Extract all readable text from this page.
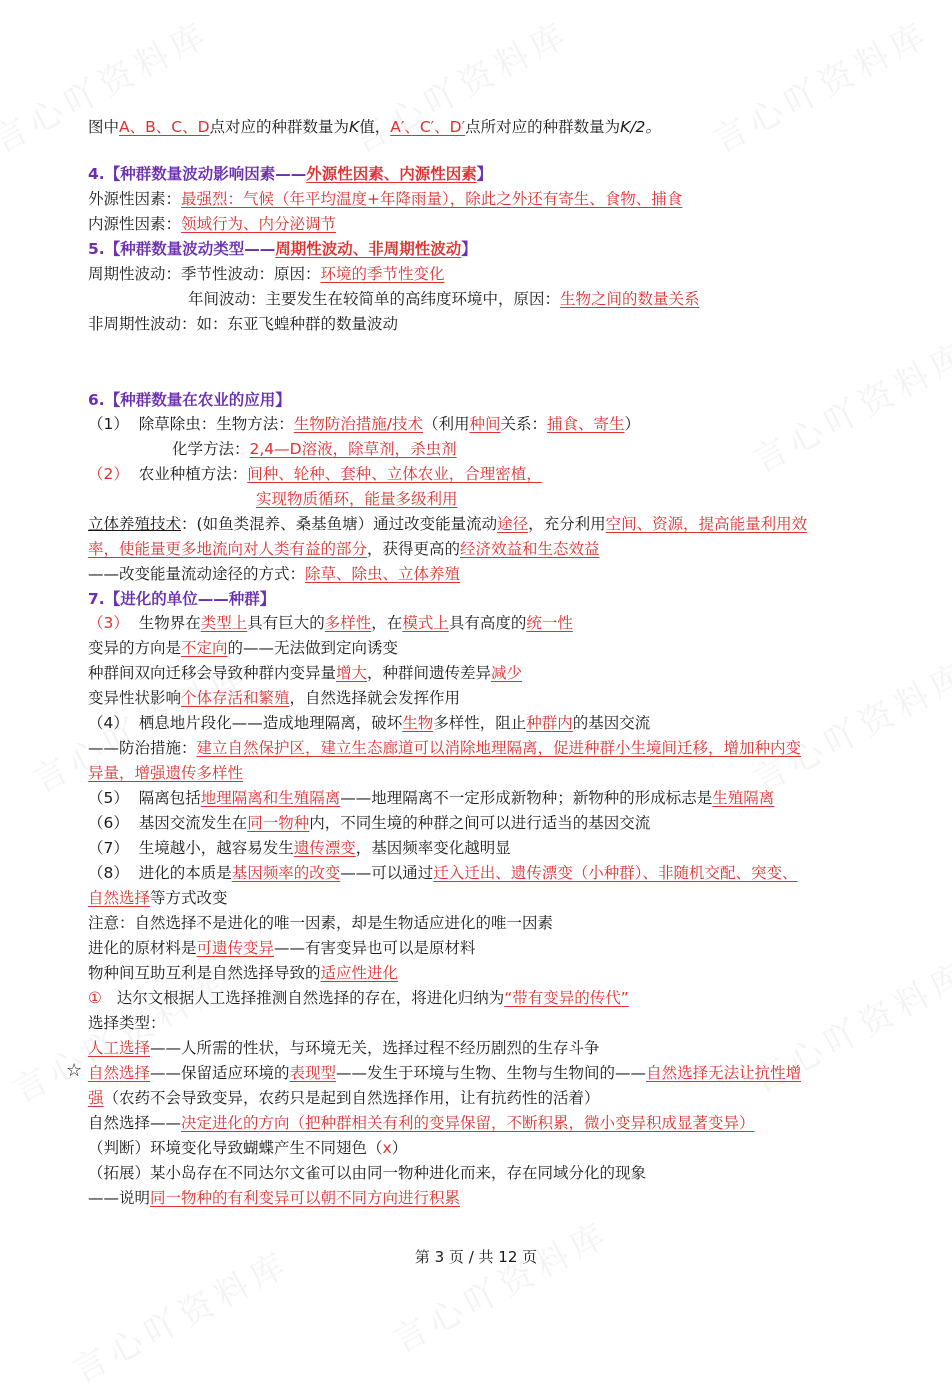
图中A、B、C、D点对应的种群数量为K值，A′、C′、D′点所对应的种群数量为K/2。
4.【种群数量波动影响因素——外源性因素、内源性因素】
外源性因素：最强烈：气候（年平均温度+年降雨量），除此之外还有寄生、食物、捕食
内源性因素：领域行为、内分泌调节
5.【种群数量波动类型——周期性波动、非周期性波动】
周期性波动：季节性波动：原因：环境的季节性变化
年间波动：主要发生在较简单的高纬度环境中，原因：生物之间的数量关系
非周期性波动：如：东亚飞蝗种群的数量波动
6.【种群数量在农业的应用】
（1） 除草除虫：生物方法：生物防治措施/技术（利用种间关系：捕食、寄生）
化学方法：2,4—D溶液，除草剂，杀虫剂
（2） 农业种植方法：间种、轮种、套种、立体农业，合理密植，
实现物质循环，能量多级利用
立体养殖技术：(如鱼类混养、桑基鱼塘）通过改变能量流动途径，充分利用空间、资源，提高能量利用效
率，使能量更多地流向对人类有益的部分，获得更高的经济效益和生态效益
——改变能量流动途径的方式：除草、除虫、立体养殖
7.【进化的单位——种群】
（3） 生物界在类型上具有巨大的多样性，在模式上具有高度的统一性
变异的方向是不定向的——无法做到定向诱变
种群间双向迁移会导致种群内变异量增大，种群间遗传差异减少
变异性状影响个体存活和繁殖，自然选择就会发挥作用
（4） 栖息地片段化——造成地理隔离，破坏生物多样性，阻止种群内的基因交流
——防治措施：建立自然保护区，建立生态廊道可以消除地理隔离，促进种群小生境间迁移，增加种内变
异量，增强遗传多样性
（5） 隔离包括地理隔离和生殖隔离——地理隔离不一定形成新物种；新物种的形成标志是生殖隔离
（6） 基因交流发生在同一物种内，不同生境的种群之间可以进行适当的基因交流
（7） 生境越小，越容易发生遗传漂变，基因频率变化越明显
（8） 进化的本质是基因频率的改变——可以通过迁入迁出、遗传漂变（小种群）、非随机交配、突变、
自然选择等方式改变
注意：自然选择不是进化的唯一因素，却是生物适应进化的唯一因素
进化的原材料是可遗传变异——有害变异也可以是原材料
物种间互助互利是自然选择导致的适应性进化
① 达尔文根据人工选择推测自然选择的存在，将进化归纳为“带有变异的传代”
选择类型：
人工选择——人所需的性状，与环境无关，选择过程不经历剧烈的生存斗争
☆ 自然选择——保留适应环境的表现型——发生于环境与生物、生物与生物间的——自然选择无法让抗性增
强（农药不会导致变异，农药只是起到自然选择作用，让有抗药性的活着）
自然选择——决定进化的方向（把种群相关有利的变异保留，不断积累，微小变异积成显著变异）
（判断）环境变化导致蝴蝶产生不同翅色（x）
（拓展）某小岛存在不同达尔文雀可以由同一物种进化而来，存在同域分化的现象
——说明同一物种的有利变异可以朝不同方向进行积累
第 3 页 / 共 12 页
